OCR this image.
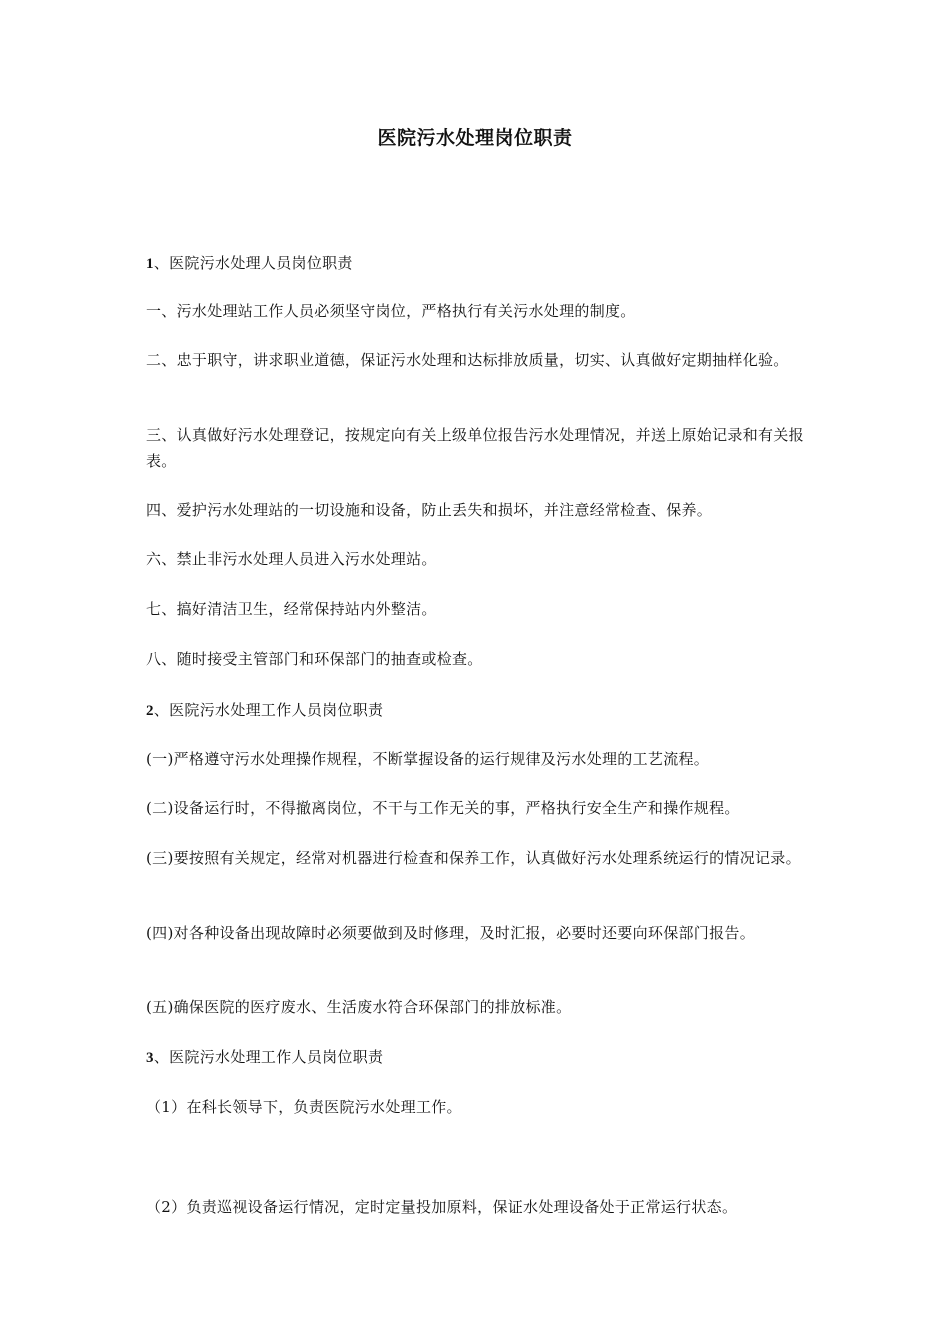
医院污水处理岗位职责

1、医院污水处理人员岗位职责

一、污水处理站工作人员必须坚守岗位，严格执行有关污水处理的制度。

二、忠于职守，讲求职业道德，保证污水处理和达标排放质量，切实、认真做好定期抽样化验。

三、认真做好污水处理登记，按规定向有关上级单位报告污水处理情况，并送上原始记录和有关报表。

四、爱护污水处理站的一切设施和设备，防止丢失和损坏，并注意经常检查、保养。

六、禁止非污水处理人员进入污水处理站。

七、搞好清洁卫生，经常保持站内外整洁。

八、随时接受主管部门和环保部门的抽查或检查。

2、医院污水处理工作人员岗位职责

(一)严格遵守污水处理操作规程，不断掌握设备的运行规律及污水处理的工艺流程。

(二)设备运行时，不得撤离岗位，不干与工作无关的事，严格执行安全生产和操作规程。

(三)要按照有关规定，经常对机器进行检查和保养工作，认真做好污水处理系统运行的情况记录。

(四)对各种设备出现故障时必须要做到及时修理，及时汇报，必要时还要向环保部门报告。

(五)确保医院的医疗废水、生活废水符合环保部门的排放标准。

3、医院污水处理工作人员岗位职责

（1）在科长领导下，负责医院污水处理工作。

（2）负责巡视设备运行情况，定时定量投加原料，保证水处理设备处于正常运行状态。
